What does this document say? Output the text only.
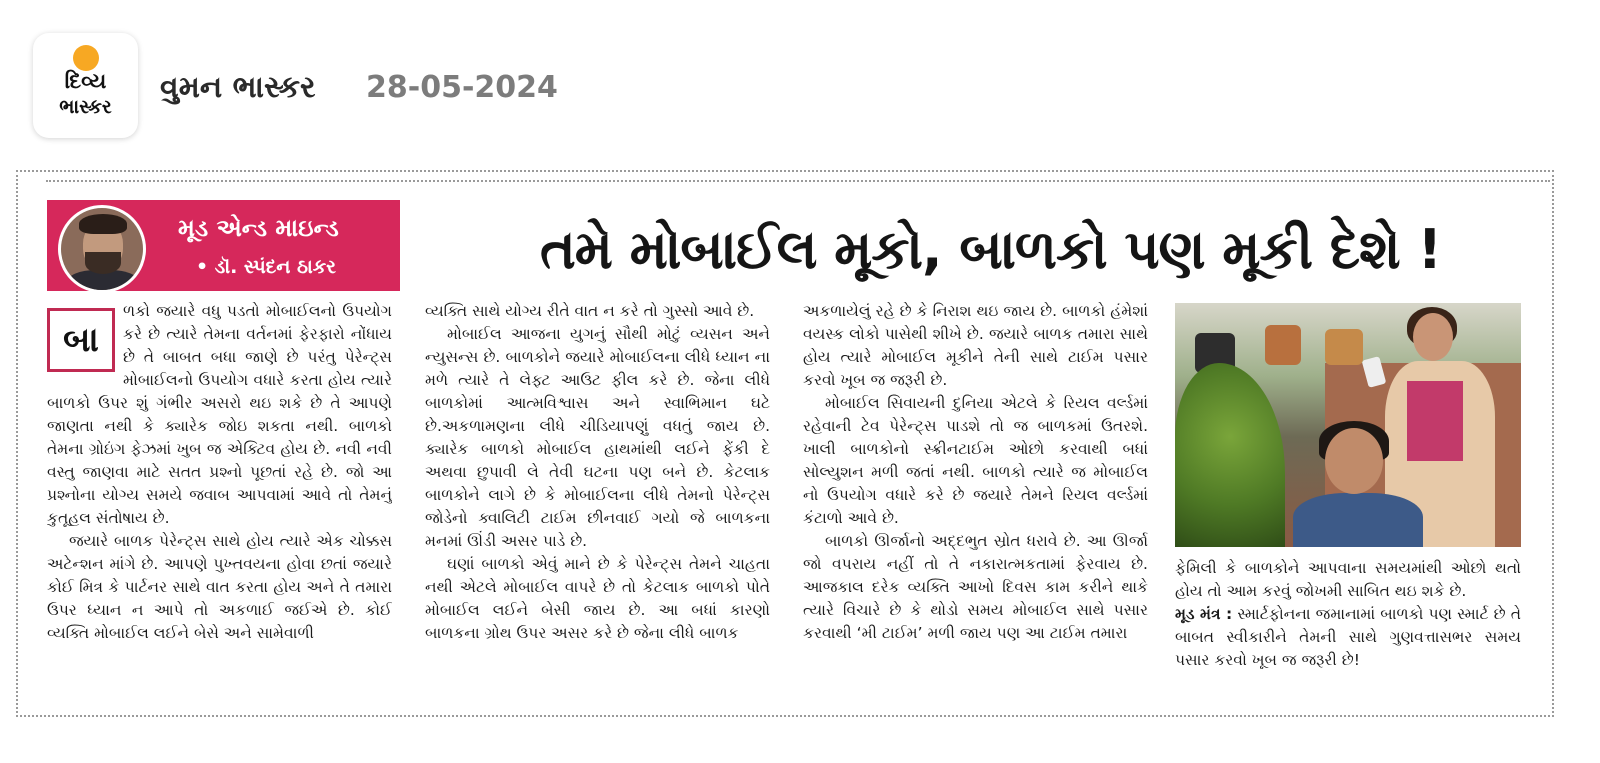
દિવ્ય
ભાસ્કર
વુમન ભાસ્કર 28-05-2024
મૂડ એન્ડ માઇન્ડ
• ડૉ. સ્પંદન ઠાકર	તમે મોબાઈલ મૂકો, બાળકો પણ મૂકી દેશે !

ળકો જયારે વધુ પડતો મોબાઈલનો ઉપયોગ કરે છે ત્યારે તેમના વર્તનમાં ફેરફારો નોંધાય છે તે બાબત બધા જાણે છે પરંતુ પેરેન્ટ્સ મોબાઈલનો ઉપયોગ વધારે કરતા હોય ત્યારે બાળકો ઉપર શું ગંભીર અસરો થઇ શકે છે તે આપણે જાણતા નથી કે ક્યારેક જોઇ શકતા નથી. બાળકો તેમના ગ્રોઇંગ ફેઝમાં ખુબ જ એક્ટિવ હોય છે. નવી નવી વસ્તુ જાણવા માટે સતત પ્રશ્નો પૂછતાં રહે છે. જો આ પ્રશ્નોના યોગ્ય સમયે જવાબ આપવામાં આવે તો તેમનું કુતૂહલ સંતોષાય છે.

જયારે બાળક પેરેન્ટ્સ સાથે હોય ત્યારે એક ચોક્કસ અટેન્શન માંગે છે. આપણે પુખ્તવયના હોવા છતાં જયારે કોઈ મિત્ર કે પાર્ટનર સાથે વાત કરતા હોય અને તે તમારા ઉપર ધ્યાન ન આપે તો અકળાઈ જઈએ છે. કોઈ વ્યક્તિ મોબાઈલ લઈને બેસે અને સામેવાળી

બા

વ્યક્તિ સાથે યોગ્ય રીતે વાત ન કરે તો ગુસ્સો આવે છે.

મોબાઈલ આજના યુગનું સૌથી મોટું વ્યસન અને ન્યુસન્સ છે. બાળકોને જયારે મોબાઈલના લીધે ધ્યાન ના મળે ત્યારે તે લેફ્ટ આઉટ ફીલ કરે છે. જેના લીધે બાળકોમાં આત્મવિશ્વાસ અને સ્વાભિમાન ઘટે છે.અકળામણના લીધે ચીડિયાપણું વધતું જાય છે. ક્યારેક બાળકો મોબાઈલ હાથમાંથી લઈને ફેંકી દે અથવા છુપાવી લે તેવી ઘટના પણ બને છે. કેટલાક બાળકોને લાગે છે કે મોબાઈલના લીધે તેમનો પેરેન્ટ્સ જોડેનો ક્વાલિટી ટાઈમ છીનવાઈ ગયો જે બાળકના મનમાં ઊંડી અસર પાડે છે.

ઘણાં બાળકો એવું માને છે કે પેરેન્ટ્સ તેમને ચાહતા નથી એટલે મોબાઈલ વાપરે છે તો કેટલાક બાળકો પોતે મોબાઈલ લઈને બેસી જાય છે. આ બધાં કારણો બાળકના ગ્રોથ ઉપર અસર કરે છે જેના લીધે બાળક

અકળાયેલું રહે છે કે નિરાશ થઇ જાય છે. બાળકો હંમેશાં વયસ્ક લોકો પાસેથી શીખે છે. જયારે બાળક તમારા સાથે હોય ત્યારે મોબાઈલ મૂકીને તેની સાથે ટાઈમ પસાર કરવો ખૂબ જ જરૂરી છે.

મોબાઈલ સિવાયની દુનિયા એટલે કે રિયલ વર્લ્ડમાં રહેવાની ટેવ પેરેન્ટ્સ પાડશે તો જ બાળકમાં ઉતરશે. ખાલી બાળકોનો સ્ક્રીનટાઈમ ઓછો કરવાથી બધાં સોલ્યુશન મળી જતાં નથી. બાળકો ત્યારે જ મોબાઈલ નો ઉપયોગ વધારે કરે છે જયારે તેમને રિયલ વર્લ્ડમાં કંટાળો આવે છે.

બાળકો ઊર્જાનો અદ્દભુત સ્રોત ધરાવે છે. આ ઊર્જા જો વપરાય નહીં તો તે નકારાત્મકતામાં ફેરવાય છે. આજકાલ દરેક વ્યક્તિ આખો દિવસ કામ કરીને થાકે ત્યારે વિચારે છે કે થોડો સમય મોબાઈલ સાથે પસાર કરવાથી ‘મી ટાઈમ’ મળી જાય પણ આ ટાઈમ તમારા

ફેમિલી કે બાળકોને આપવાના સમયમાંથી ઓછો થતો હોય તો આમ કરવું જોખમી સાબિત થઇ શકે છે.

મૂડ મંત્ર : સ્માર્ટફોનના જમાનામાં બાળકો પણ સ્માર્ટ છે તે બાબત સ્વીકારીને તેમની સાથે ગુણવત્તાસભર સમય પસાર કરવો ખૂબ જ જરૂરી છે!
